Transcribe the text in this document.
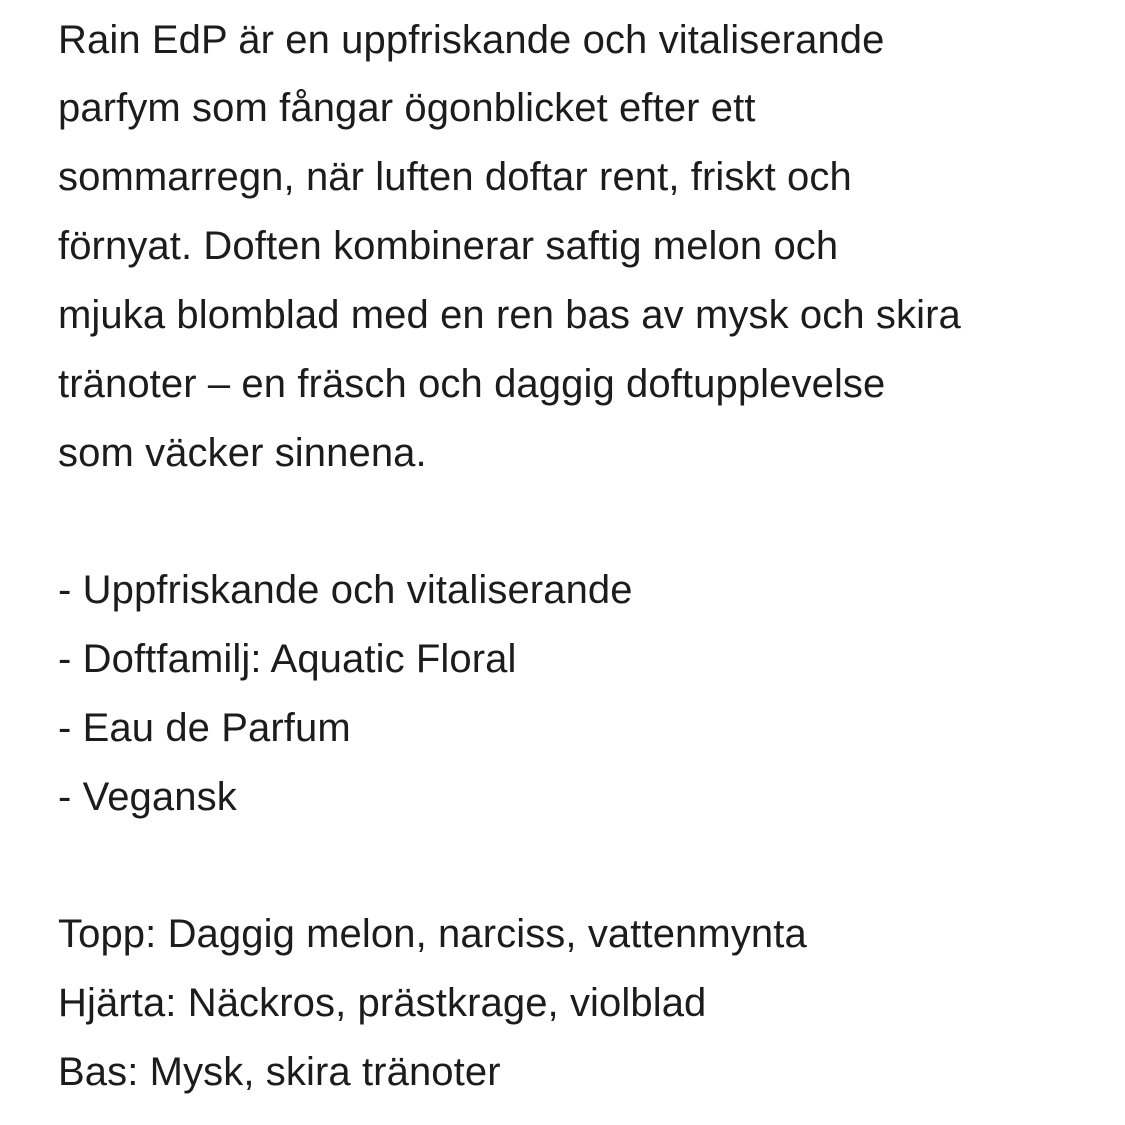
Rain EdP är en uppfriskande och vitaliserande
parfym som fångar ögonblicket efter ett
sommarregn, när luften doftar rent, friskt och
förnyat. Doften kombinerar saftig melon och
mjuka blomblad med en ren bas av mysk och skira
tränoter – en fräsch och daggig doftupplevelse
som väcker sinnena.
- Uppfriskande och vitaliserande
- Doftfamilj: Aquatic Floral
- Eau de Parfum
- Vegansk
Topp: Daggig melon, narciss, vattenmynta
Hjärta: Näckros, prästkrage, violblad
Bas: Mysk, skira tränoter
